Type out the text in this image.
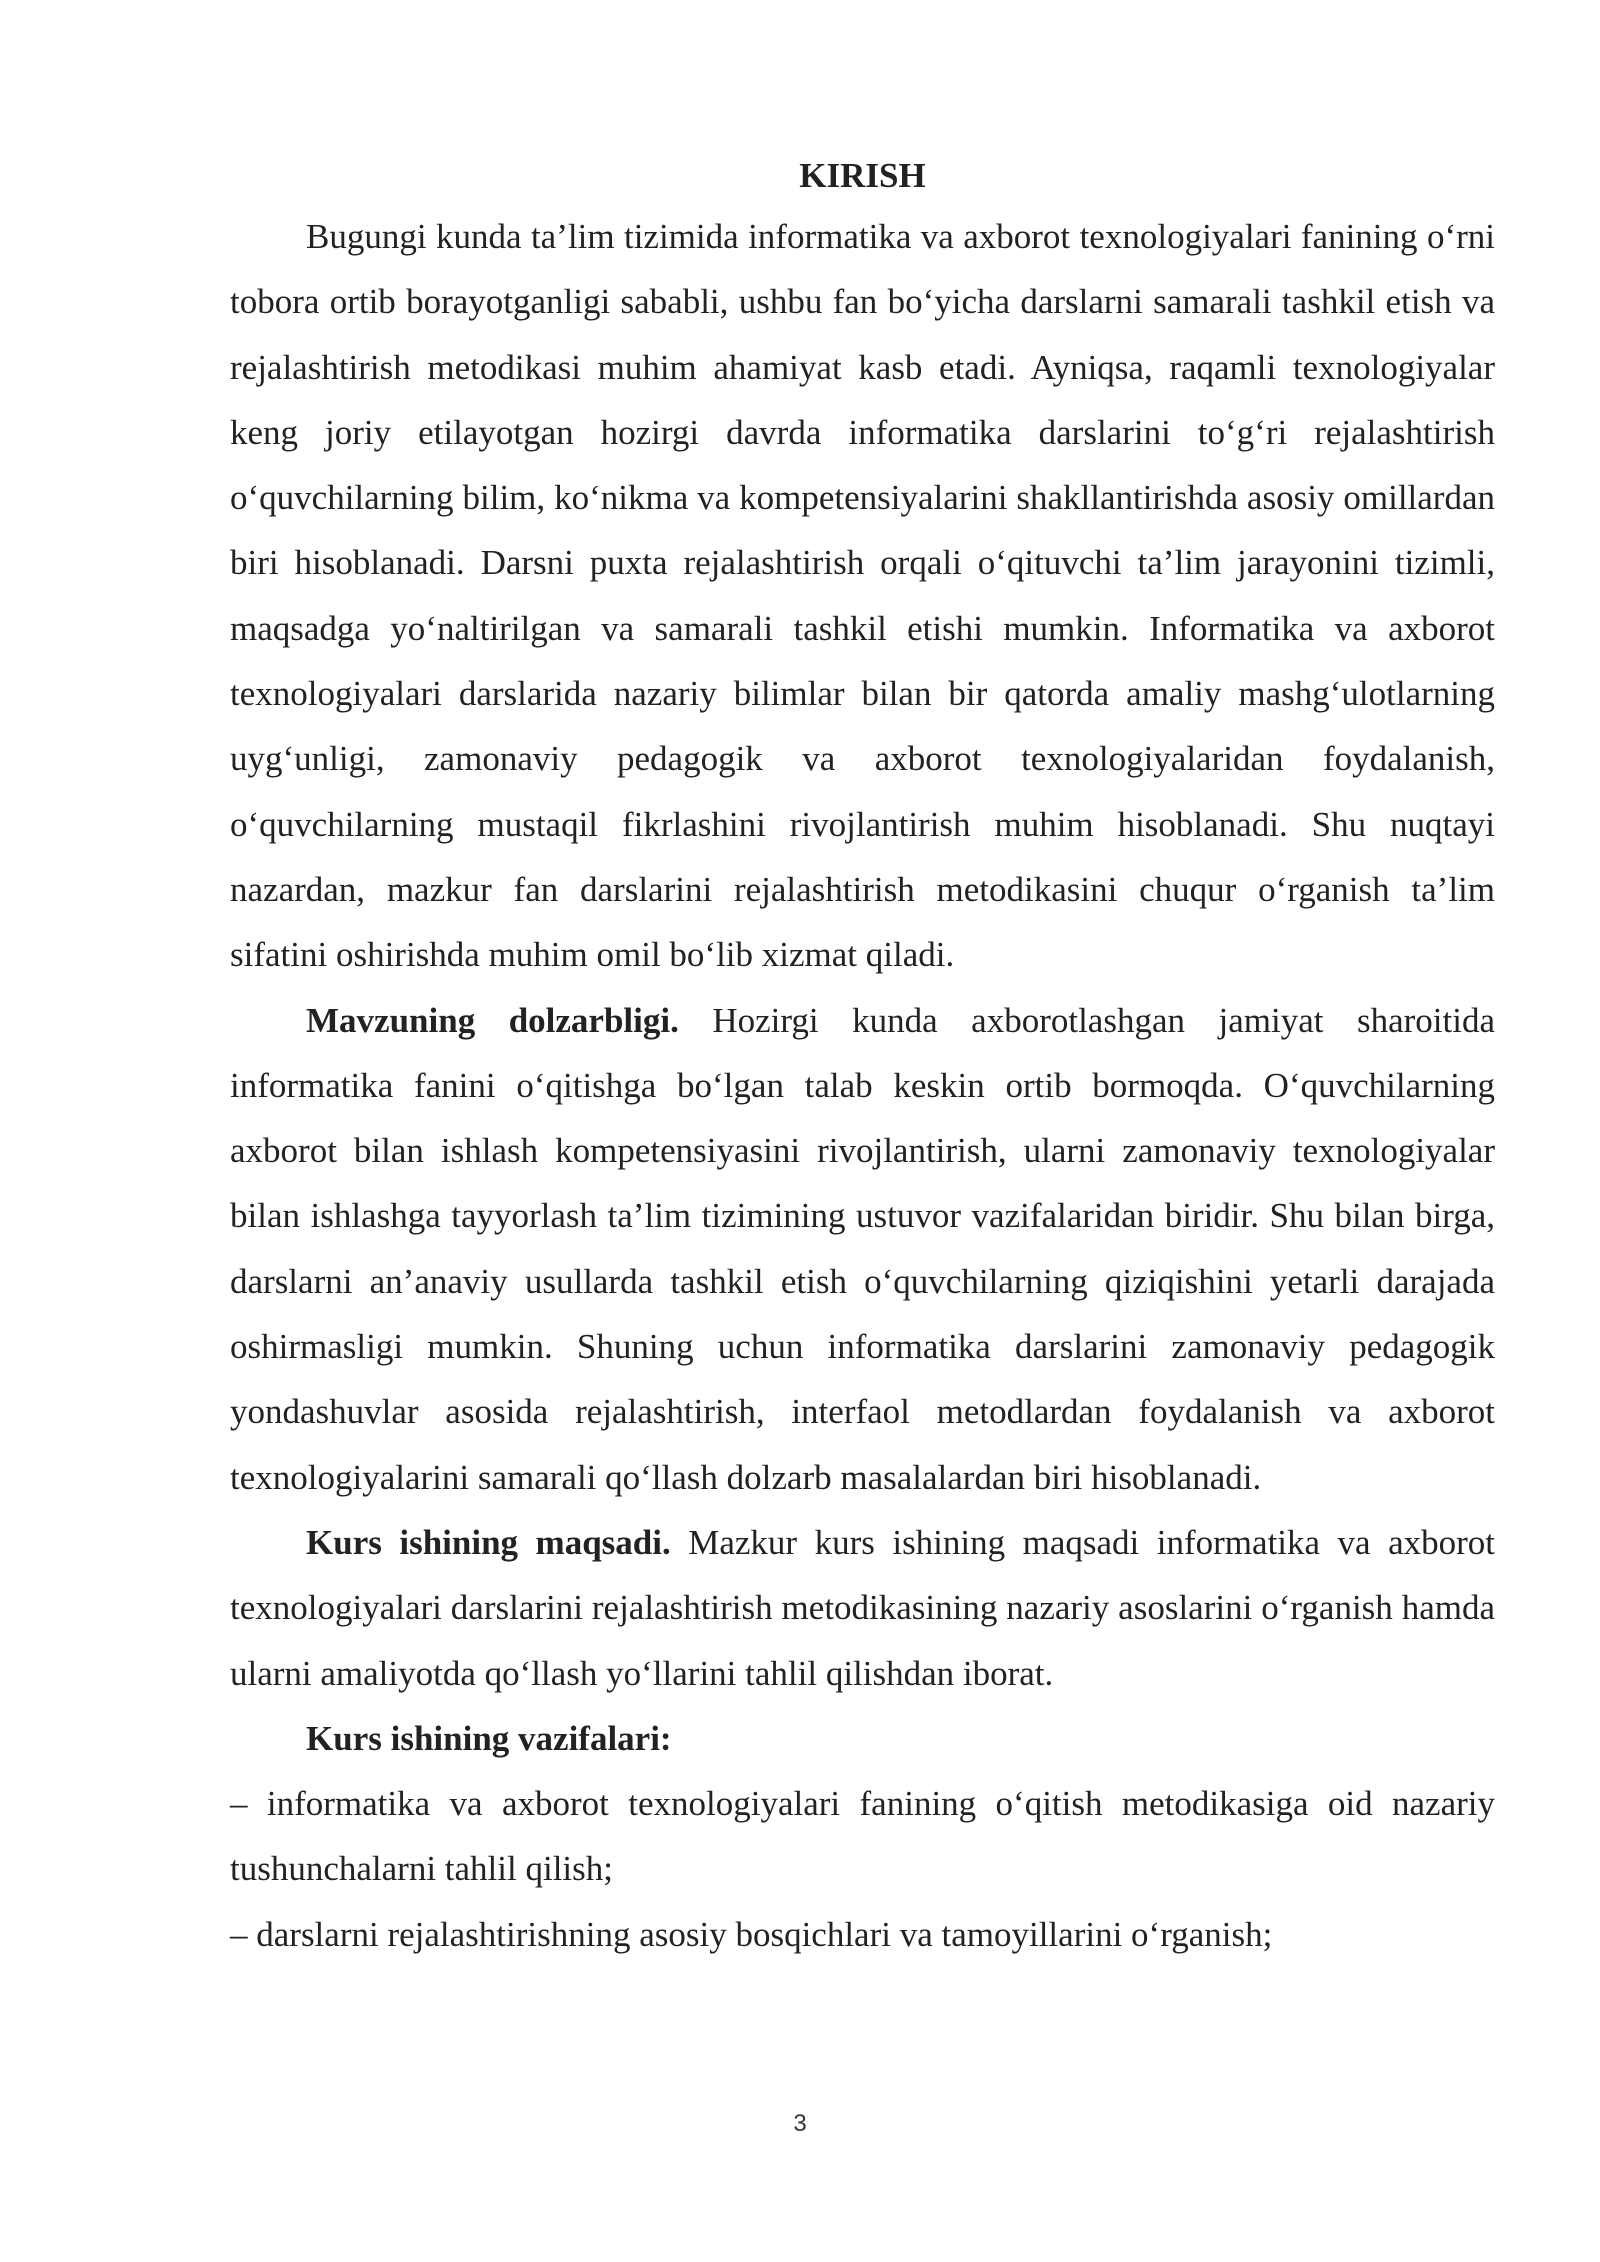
KIRISH

Bugungi kunda ta’lim tizimida informatika va axborot texnologiyalari fanining o‘rni tobora ortib borayotganligi sababli, ushbu fan bo‘yicha darslarni samarali tashkil etish va rejalashtirish metodikasi muhim ahamiyat kasb etadi. Ayniqsa, raqamli texnologiyalar keng joriy etilayotgan hozirgi davrda informatika darslarini to‘g‘ri rejalashtirish o‘quvchilarning bilim, ko‘nikma va kompetensiyalarini shakllantirishda asosiy omillardan biri hisoblanadi. Darsni puxta rejalashtirish orqali o‘qituvchi ta’lim jarayonini tizimli, maqsadga yo‘naltirilgan va samarali tashkil etishi mumkin. Informatika va axborot texnologiyalari darslarida nazariy bilimlar bilan bir qatorda amaliy mashg‘ulotlarning uyg‘unligi, zamonaviy pedagogik va axborot texnologiyalaridan foydalanish, o‘quvchilarning mustaqil fikrlashini rivojlantirish muhim hisoblanadi. Shu nuqtayi nazardan, mazkur fan darslarini rejalashtirish metodikasini chuqur o‘rganish ta’lim sifatini oshirishda muhim omil bo‘lib xizmat qiladi.

Mavzuning dolzarbligi. Hozirgi kunda axborotlashgan jamiyat sharoitida informatika fanini o‘qitishga bo‘lgan talab keskin ortib bormoqda. O‘quvchilarning axborot bilan ishlash kompetensiyasini rivojlantirish, ularni zamonaviy texnologiyalar bilan ishlashga tayyorlash ta’lim tizimining ustuvor vazifalaridan biridir. Shu bilan birga, darslarni an’anaviy usullarda tashkil etish o‘quvchilarning qiziqishini yetarli darajada oshirmasligi mumkin. Shuning uchun informatika darslarini zamonaviy pedagogik yondashuvlar asosida rejalashtirish, interfaol metodlardan foydalanish va axborot texnologiyalarini samarali qo‘llash dolzarb masalalardan biri hisoblanadi.

Kurs ishining maqsadi. Mazkur kurs ishining maqsadi informatika va axborot texnologiyalari darslarini rejalashtirish metodikasining nazariy asoslarini o‘rganish hamda ularni amaliyotda qo‘llash yo‘llarini tahlil qilishdan iborat.

Kurs ishining vazifalari:

– informatika va axborot texnologiyalari fanining o‘qitish metodikasiga oid nazariy tushunchalarni tahlil qilish;
– darslarni rejalashtirishning asosiy bosqichlari va tamoyillarini o‘rganish;
3
